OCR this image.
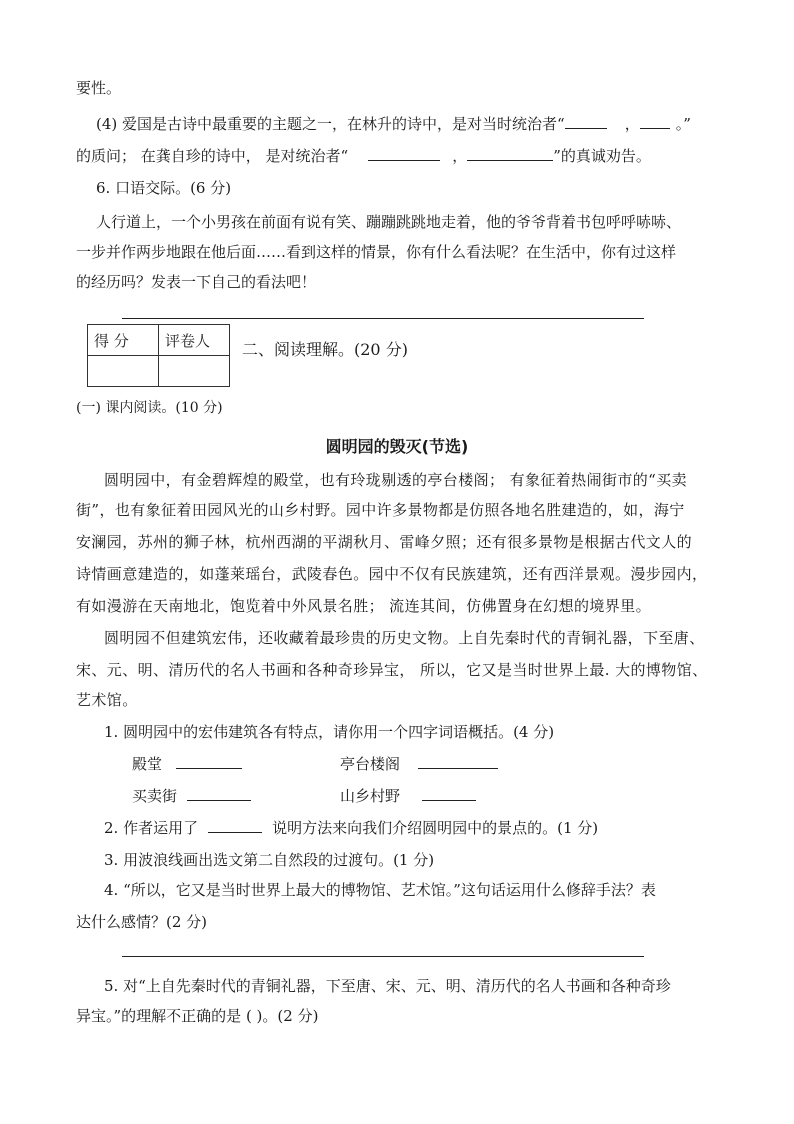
要性。
(4) 爱国是古诗中最重要的主题之一，在林升的诗中，是对当时统治者“	， 。”
的质问； 在龚自珍的诗中， 是对统治者“	，	”的真诚劝告。
6. 口语交际。(6 分)
人行道上，一个小男孩在前面有说有笑、蹦蹦跳跳地走着，他的爷爷背着书包呼呼哧哧、
一步并作两步地跟在他后面……看到这样的情景，你有什么看法呢？在生活中，你有过这样
的经历吗？发表一下自己的看法吧！
得 分	评卷人
	二、阅读理解。(20 分)
(一) 课内阅读。(10 分)
圆明园的毁灭(节选)
圆明园中，有金碧辉煌的殿堂，也有玲珑剔透的亭台楼阁； 有象征着热闹街市的“买卖
街”，也有象征着田园风光的山乡村野。园中许多景物都是仿照各地名胜建造的，如，海宁
安澜园，苏州的狮子林，杭州西湖的平湖秋月、雷峰夕照；还有很多景物是根据古代文人的
诗情画意建造的，如蓬莱瑶台，武陵春色。园中不仅有民族建筑，还有西洋景观。漫步园内，
有如漫游在天南地北，饱览着中外风景名胜； 流连其间，仿佛置身在幻想的境界里。
圆明园不但建筑宏伟，还收藏着最珍贵的历史文物。上自先秦时代的青铜礼器，下至唐、
宋、元、明、清历代的名人书画和各种奇珍异宝， 所以，它又是当时世界上最. 大的博物馆、
艺术馆。
1. 圆明园中的宏伟建筑各有特点，请你用一个四字词语概括。(4 分)
殿堂	亭台楼阁
买卖街	山乡村野
2. 作者运用了	说明方法来向我们介绍圆明园中的景点的。(1 分)
3. 用波浪线画出选文第二自然段的过渡句。(1 分)
4. “所以，它又是当时世界上最大的博物馆、艺术馆。”这句话运用什么修辞手法？表
达什么感情？(2 分)
5. 对“上自先秦时代的青铜礼器，下至唐、宋、元、明、清历代的名人书画和各种奇珍
异宝。”的理解不正确的是 ( )。(2 分)
